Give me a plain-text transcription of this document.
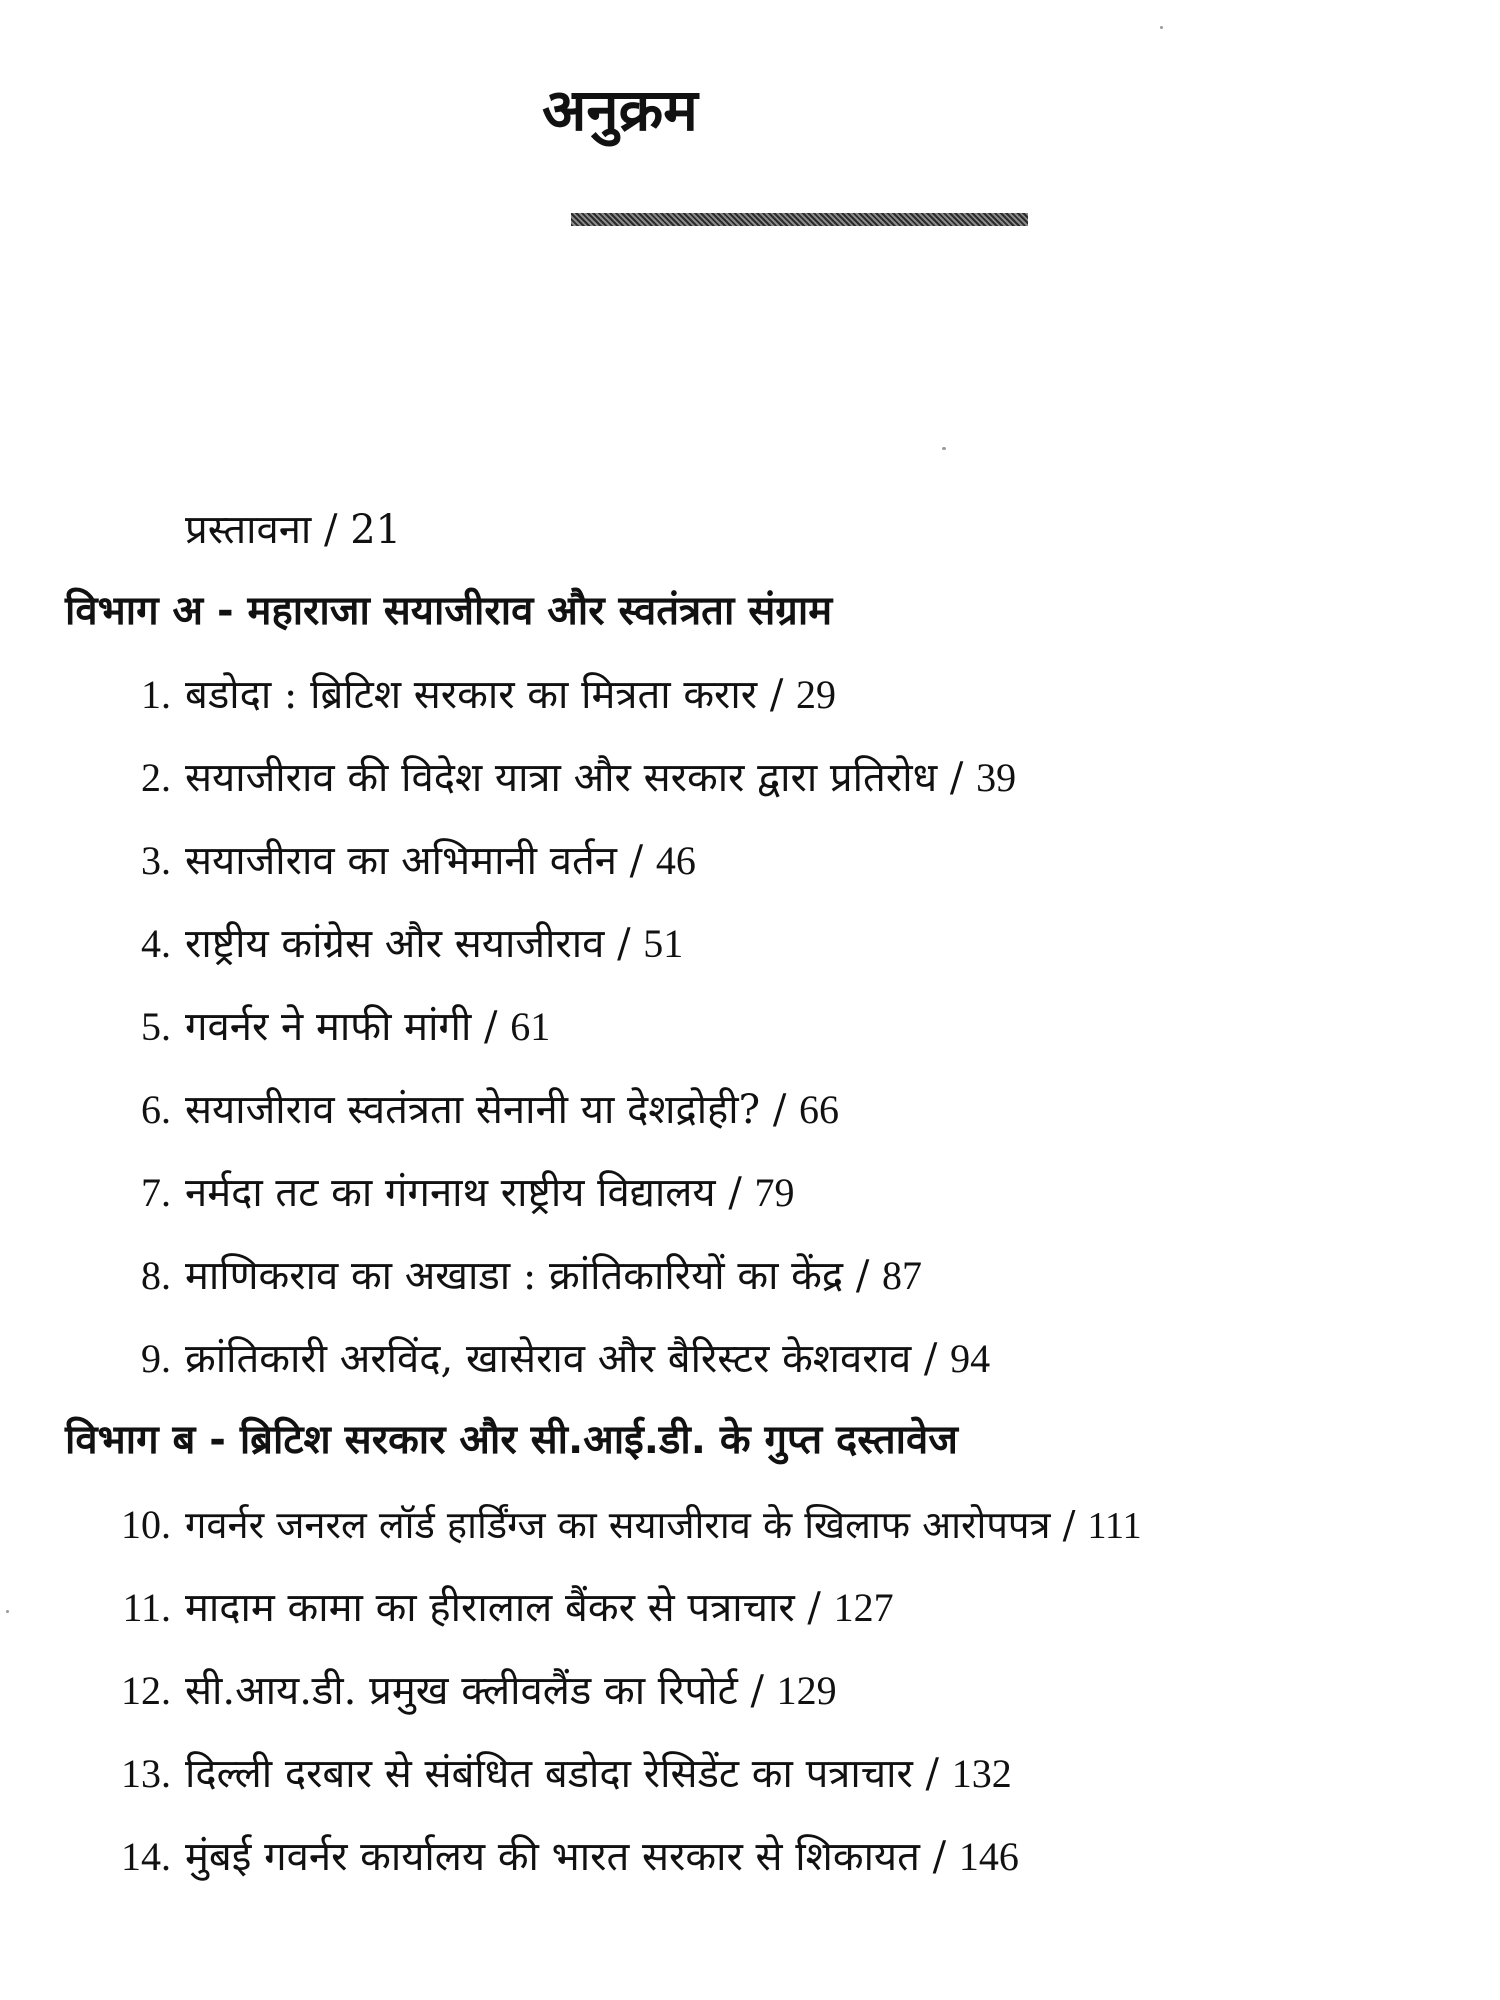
अनुक्रम
प्रस्तावना / 21
विभाग अ - महाराजा सयाजीराव और स्वतंत्रता संग्राम
1. बडोदा : ब्रिटिश सरकार का मित्रता करार / 29
2. सयाजीराव की विदेश यात्रा और सरकार द्वारा प्रतिरोध / 39
3. सयाजीराव का अभिमानी वर्तन / 46
4. राष्ट्रीय कांग्रेस और सयाजीराव / 51
5. गवर्नर ने माफी मांगी / 61
6. सयाजीराव स्वतंत्रता सेनानी या देशद्रोही? / 66
7. नर्मदा तट का गंगनाथ राष्ट्रीय विद्यालय / 79
8. माणिकराव का अखाडा : क्रांतिकारियों का केंद्र / 87
9. क्रांतिकारी अरविंद, खासेराव और बैरिस्टर केशवराव / 94
विभाग ब - ब्रिटिश सरकार और सी.आई.डी. के गुप्त दस्तावेज
10. गवर्नर जनरल लॉर्ड हार्डिंग्ज का सयाजीराव के खिलाफ आरोपपत्र / 111
11. मादाम कामा का हीरालाल बैंकर से पत्राचार / 127
12. सी.आय.डी. प्रमुख क्लीवलैंड का रिपोर्ट / 129
13. दिल्ली दरबार से संबंधित बडोदा रेसिडेंट का पत्राचार / 132
14. मुंबई गवर्नर कार्यालय की भारत सरकार से शिकायत / 146
